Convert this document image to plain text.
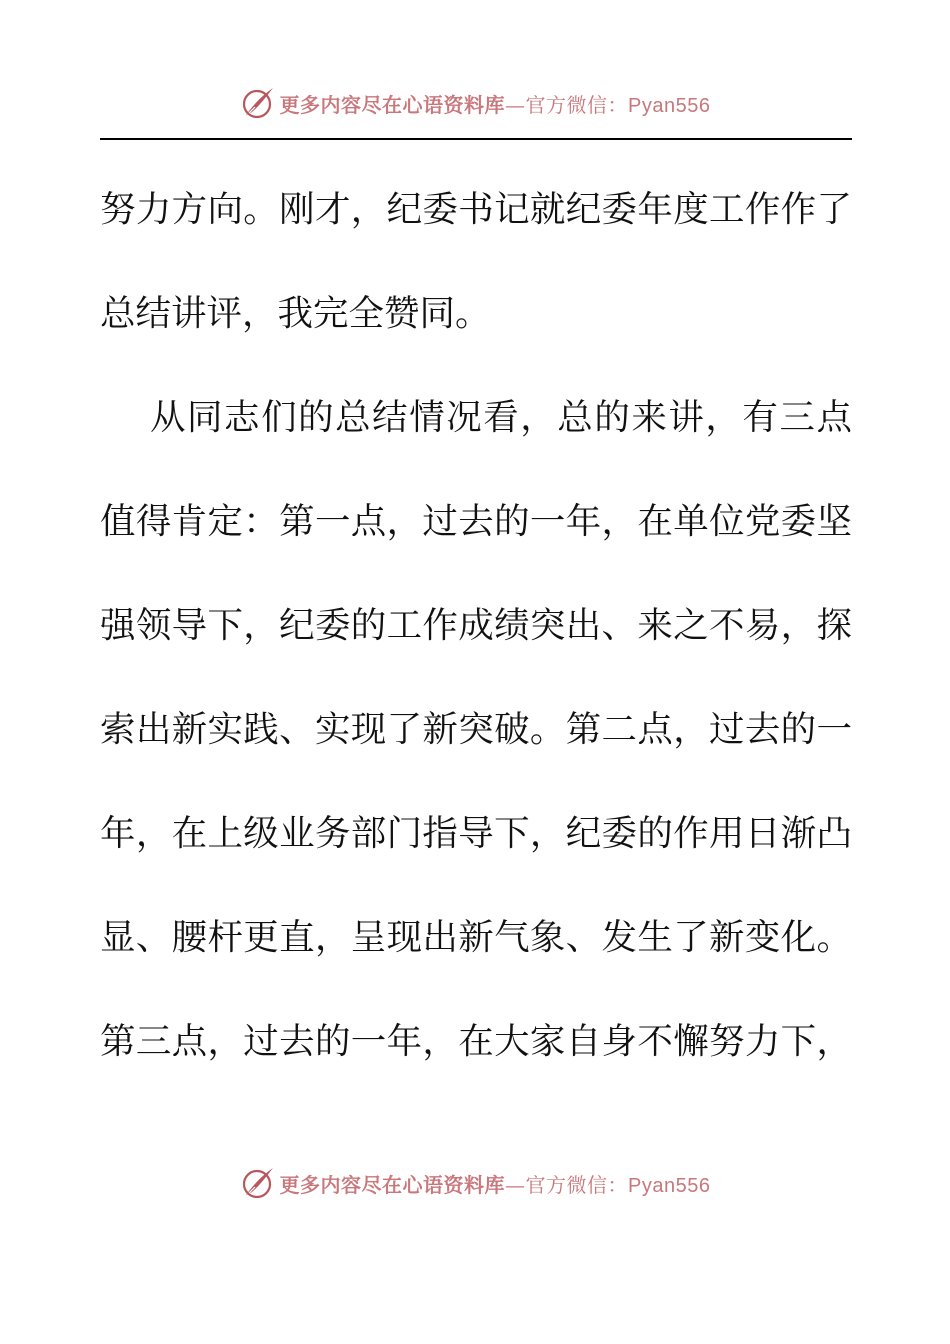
更多内容尽在心语资料库—官方微信：Pyan556
努力方向。刚才，纪委书记就纪委年度工作作了
总结讲评，我完全赞同。
从同志们的总结情况看，总的来讲，有三点
值得肯定：第一点，过去的一年，在单位党委坚
强领导下，纪委的工作成绩突出、来之不易，探
索出新实践、实现了新突破。第二点，过去的一
年，在上级业务部门指导下，纪委的作用日渐凸
显、腰杆更直，呈现出新气象、发生了新变化。
第三点，过去的一年，在大家自身不懈努力下，
更多内容尽在心语资料库—官方微信：Pyan556
